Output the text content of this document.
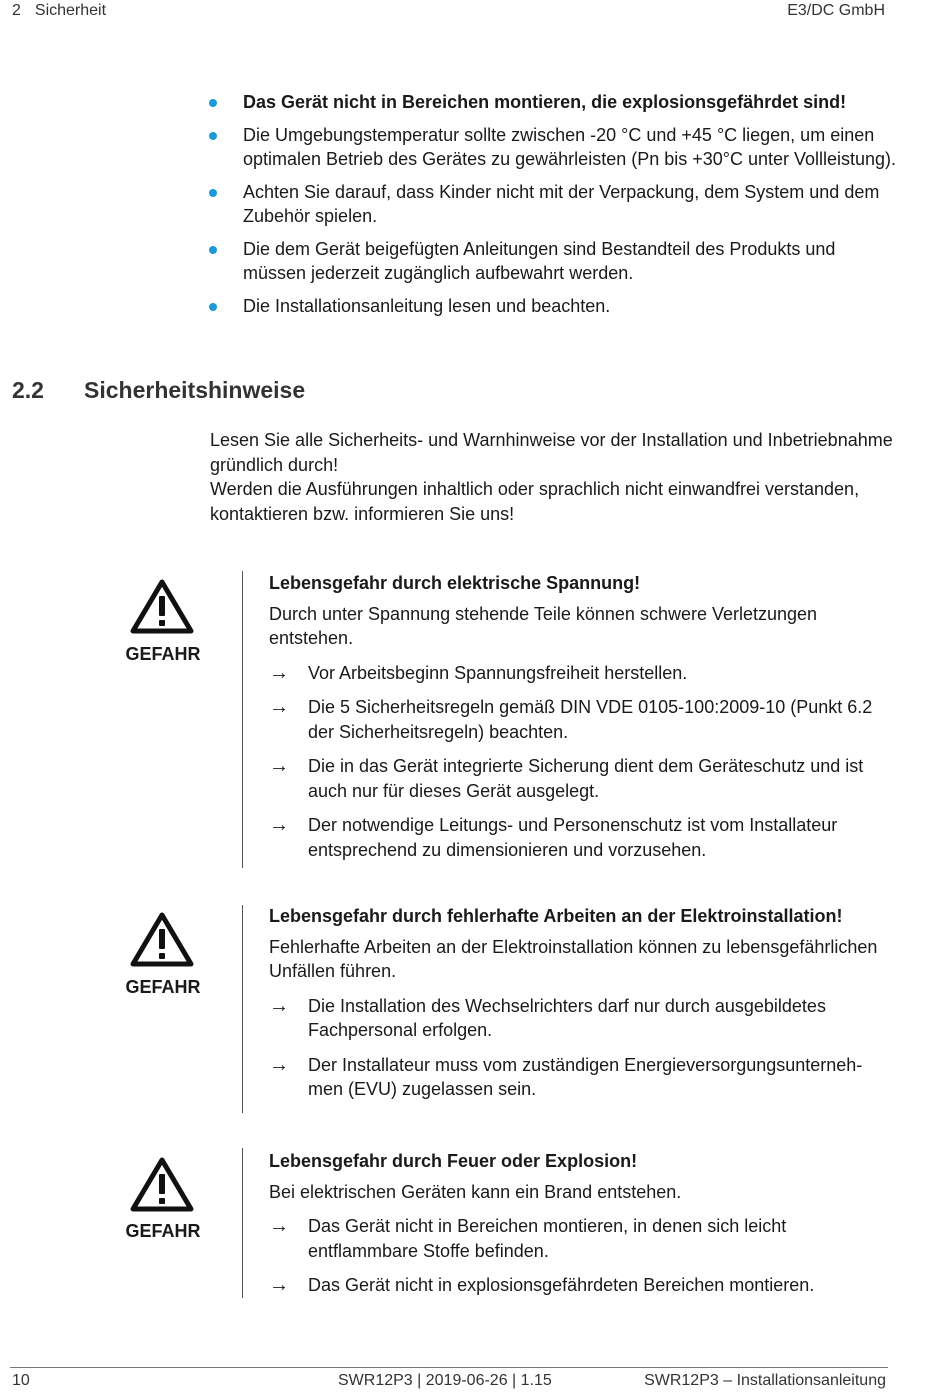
2 Sicherheit	E3/DC GmbH
Das Gerät nicht in Bereichen montieren, die explosionsgefährdet sind!
Die Umgebungstemperatur sollte zwischen -20 °C und +45 °C liegen, um einen optimalen Betrieb des Gerätes zu gewährleisten (Pn bis +30°C unter Vollleistung).
Achten Sie darauf, dass Kinder nicht mit der Verpackung, dem System und dem Zubehör spielen.
Die dem Gerät beigefügten Anleitungen sind Bestandteil des Produkts und müssen jederzeit zugänglich aufbewahrt werden.
Die Installationsanleitung lesen und beachten.
2.2 Sicherheitshinweise

Lesen Sie alle Sicherheits- und Warnhinweise vor der Installation und Inbetriebnahme gründlich durch!

Werden die Ausführungen inhaltlich oder sprachlich nicht einwandfrei verstanden, kontaktieren bzw. informieren Sie uns!

GEFAHR

Lebensgefahr durch elektrische Spannung!

Durch unter Spannung stehende Teile können schwere Verletzungen entstehen.

→ Vor Arbeitsbeginn Spannungsfreiheit herstellen.
→ Die 5 Sicherheitsregeln gemäß DIN VDE 0105-100:2009-10 (Punkt 6.2 der Sicherheitsregeln) beachten.
→ Die in das Gerät integrierte Sicherung dient dem Geräteschutz und ist auch nur für dieses Gerät ausgelegt.
→ Der notwendige Leitungs- und Personenschutz ist vom Installateur entsprechend zu dimensionieren und vorzusehen.
GEFAHR

Lebensgefahr durch fehlerhafte Arbeiten an der Elektroinstallation!

Fehlerhafte Arbeiten an der Elektroinstallation können zu lebensgefährlichen Unfällen führen.

→ Die Installation des Wechselrichters darf nur durch ausgebildetes Fachpersonal erfolgen.
→ Der Installateur muss vom zuständigen Energieversorgungsunternehmen (EVU) zugelassen sein.
GEFAHR

Lebensgefahr durch Feuer oder Explosion!

Bei elektrischen Geräten kann ein Brand entstehen.

→ Das Gerät nicht in Bereichen montieren, in denen sich leicht entflammbare Stoffe befinden.
→ Das Gerät nicht in explosionsgefährdeten Bereichen montieren.
10	SWR12P3 | 2019-06-26 | 1.15	SWR12P3 – Installationsanleitung
